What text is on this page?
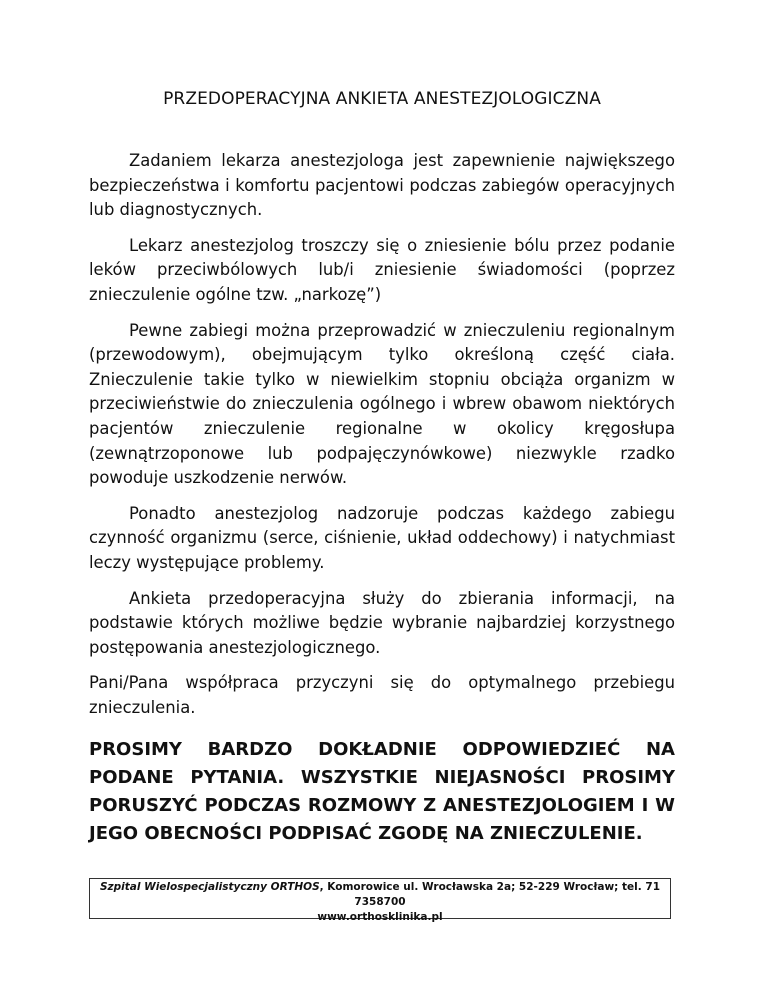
PRZEDOPERACYJNA ANKIETA ANESTEZJOLOGICZNA

Zadaniem lekarza anestezjologa jest zapewnienie największego bezpieczeństwa i komfortu pacjentowi podczas zabiegów operacyjnych lub diagnostycznych.

Lekarz anestezjolog troszczy się o zniesienie bólu przez podanie leków przeciwbólowych lub/i zniesienie świadomości (poprzez znieczulenie ogólne tzw. „narkozę”)

Pewne zabiegi można przeprowadzić w znieczuleniu regionalnym (przewodowym), obejmującym tylko określoną część ciała. Znieczulenie takie tylko w niewielkim stopniu obciąża organizm w przeciwieństwie do znieczulenia ogólnego i wbrew obawom niektórych pacjentów znieczulenie regionalne w okolicy kręgosłupa (zewnątrzoponowe lub podpajęczynówkowe) niezwykle rzadko powoduje uszkodzenie nerwów.

Ponadto anestezjolog nadzoruje podczas każdego zabiegu czynność organizmu (serce, ciśnienie, układ oddechowy) i natychmiast leczy występujące problemy.

Ankieta przedoperacyjna służy do zbierania informacji, na podstawie których możliwe będzie wybranie najbardziej korzystnego postępowania anestezjologicznego.

Pani/Pana współpraca przyczyni się do optymalnego przebiegu znieczulenia.

PROSIMY BARDZO DOKŁADNIE ODPOWIEDZIEĆ NA PODANE PYTANIA. WSZYSTKIE NIEJASNOŚCI PROSIMY PORUSZYĆ PODCZAS ROZMOWY Z ANESTEZJOLOGIEM I W JEGO OBECNOŚCI PODPISAĆ ZGODĘ NA ZNIECZULENIE.

Szpital Wielospecjalistyczny ORTHOS, Komorowice ul. Wrocławska 2a; 52-229 Wrocław; tel. 71 7358700
www.orthosklinika.pl
